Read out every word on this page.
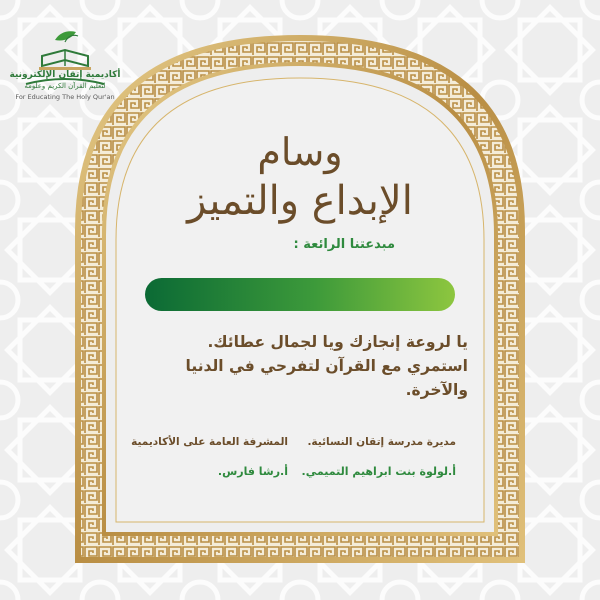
أكاديمية إتقان الإلكترونية
لتعليم القرآن الكريم وعلومه
For Educating The Holy Qur'an
وسام
الإبداع والتميز
مبدعتنا الرائعة :
يا لروعة إنجازك ويا لجمال عطائك. استمري مع القرآن لتفرحي في الدنيا والآخرة.
مديرة مدرسة إتقان النسائية.
أ.لولوة بنت ابراهيم التميمي.
المشرفة العامة على الأكاديمية
أ.رشا فارس.
